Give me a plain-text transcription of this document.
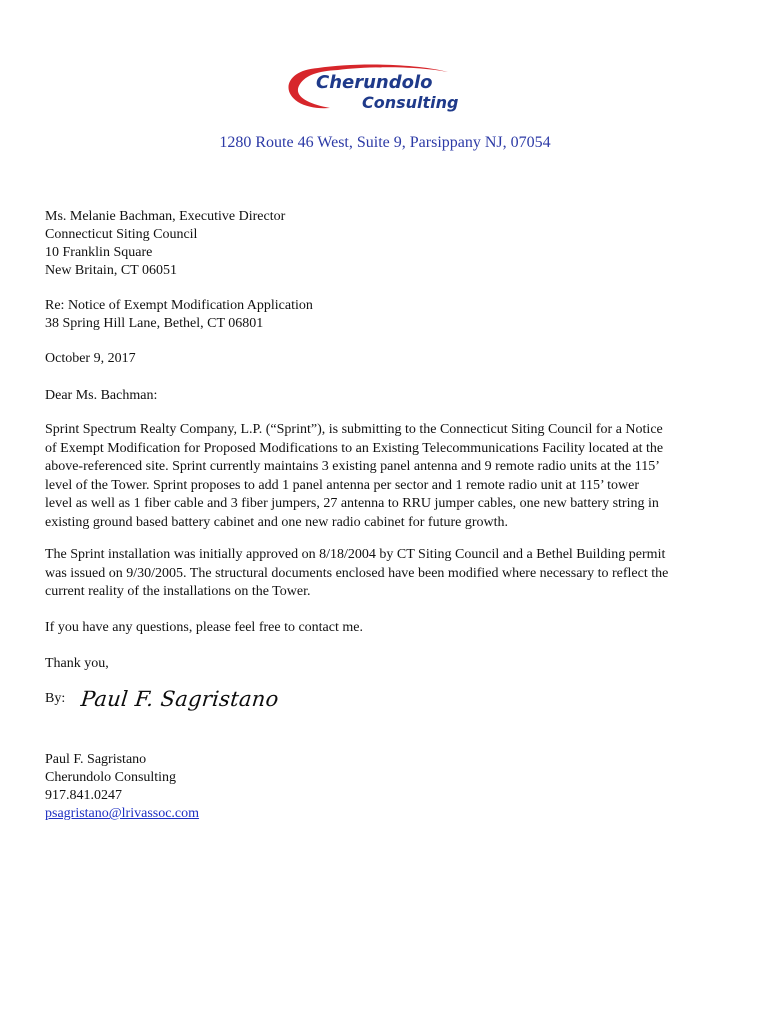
Cherundolo
Consulting
1280 Route 46 West, Suite 9, Parsippany NJ, 07054
Ms. Melanie Bachman, Executive Director
Connecticut Siting Council
10 Franklin Square
New Britain, CT 06051
Re: Notice of Exempt Modification Application
38 Spring Hill Lane, Bethel, CT 06801
October 9, 2017
Dear Ms. Bachman:
Sprint Spectrum Realty Company, L.P. (“Sprint”), is submitting to the Connecticut Siting Council for a Notice
of Exempt Modification for Proposed Modifications to an Existing Telecommunications Facility located at the
above-referenced site. Sprint currently maintains 3 existing panel antenna and 9 remote radio units at the 115’
level of the Tower. Sprint proposes to add 1 panel antenna per sector and 1 remote radio unit at 115’ tower
level as well as 1 fiber cable and 3 fiber jumpers, 27 antenna to RRU jumper cables, one new battery string in
existing ground based battery cabinet and one new radio cabinet for future growth.
The Sprint installation was initially approved on 8/18/2004 by CT Siting Council and a Bethel Building permit
was issued on 9/30/2005. The structural documents enclosed have been modified where necessary to reflect the
current reality of the installations on the Tower.
If you have any questions, please feel free to contact me.
Thank you,
By: Paul F. Sagristano
Paul F. Sagristano
Cherundolo Consulting
917.841.0247
psagristano@lrivassoc.com
